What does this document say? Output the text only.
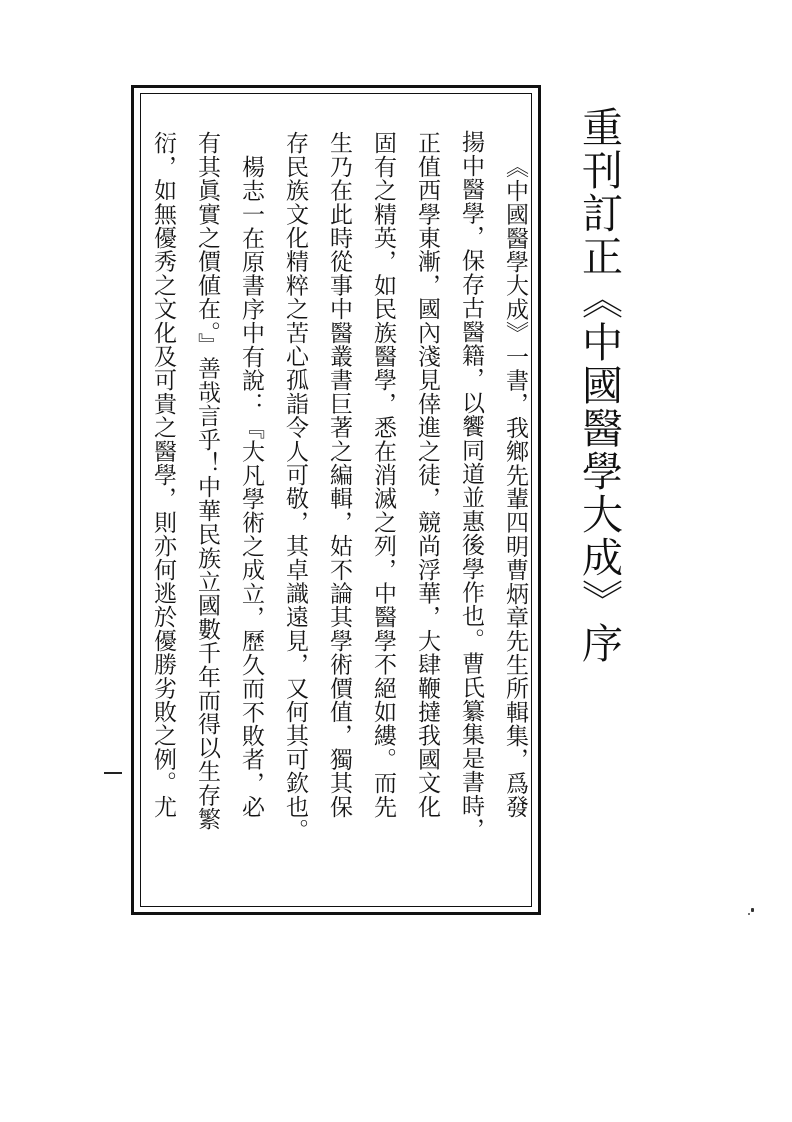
重刊訂正《中國醫學大成》序
《中國醫學大成》一書，我鄉先輩四明曹炳章先生所輯集，爲發
揚中醫學，保存古醫籍，以饗同道並惠後學作也。曹氏纂集是書時，
正值西學東漸，國內淺見倖進之徒，競尚浮華，大肆鞭撻我國文化
固有之精英，如民族醫學，悉在消滅之列，中醫學不絕如縷。而先
生乃在此時從事中醫叢書巨著之編輯，姑不論其學術價值，獨其保
存民族文化精粹之苦心孤詣令人可敬，其卓識遠見，又何其可欽也。
楊志一在原書序中有說：『大凡學術之成立，歷久而不敗者，必
有其眞實之價値在。』善哉言乎！中華民族立國數千年而得以生存繁
衍，如無優秀之文化及可貴之醫學，則亦何逃於優勝劣敗之例。尤
